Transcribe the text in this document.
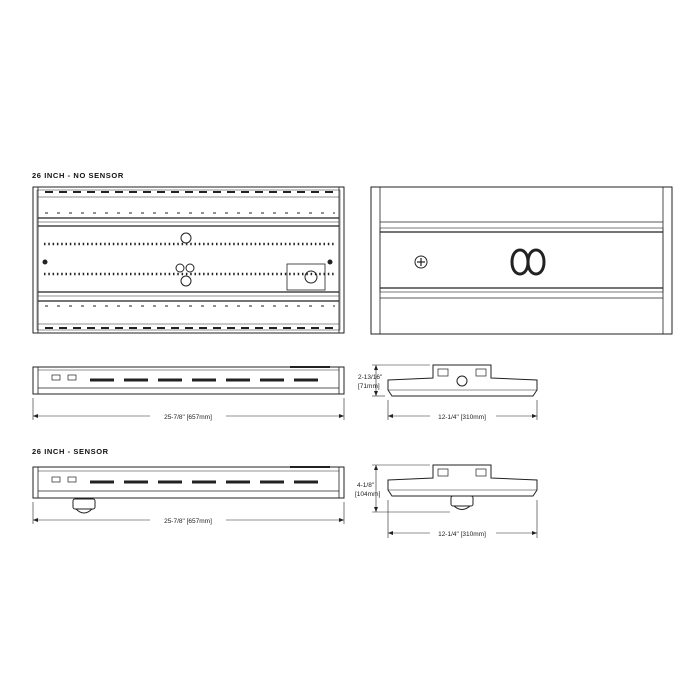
26 INCH - NO SENSOR
26 INCH - SENSOR
25-7/8" [657mm]	12-1/4" [310mm]
2-13/16"
[71mm]
25-7/8" [657mm]
12-1/4" [310mm]
4-1/8"
[104mm]
